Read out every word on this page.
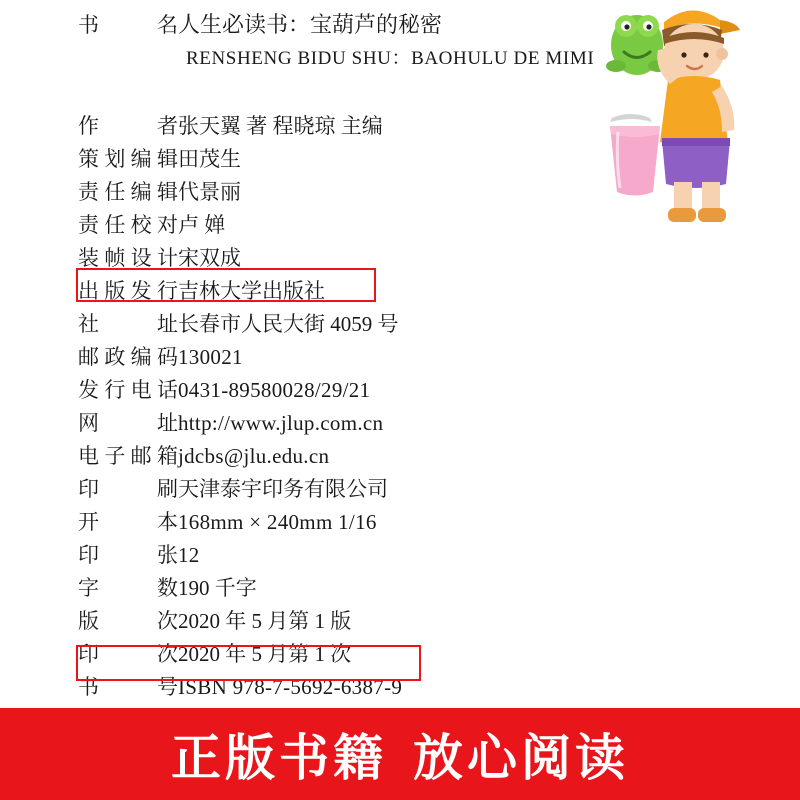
书 名 人生必读书：宝葫芦的秘密
RENSHENG BIDU SHU：BAOHULU DE MIMI
作 者 张天翼 著 程晓琼 主编
策划编辑 田茂生
责任编辑 代景丽
责任校对 卢 婵
装帧设计 宋双成
出版发行 吉林大学出版社
社 址 长春市人民大街 4059 号
邮政编码 130021
发行电话 0431-89580028/29/21
网 址 http://www.jlup.com.cn
电子邮箱 jdcbs@jlu.edu.cn
印 刷 天津泰宇印务有限公司
开 本 168mm × 240mm 1/16
印 张 12
字 数 190 千字
版 次 2020 年 5 月第 1 版
印 次 2020 年 5 月第 1 次
书 号 ISBN 978-7-5692-6387-9
正版书籍 放心阅读
